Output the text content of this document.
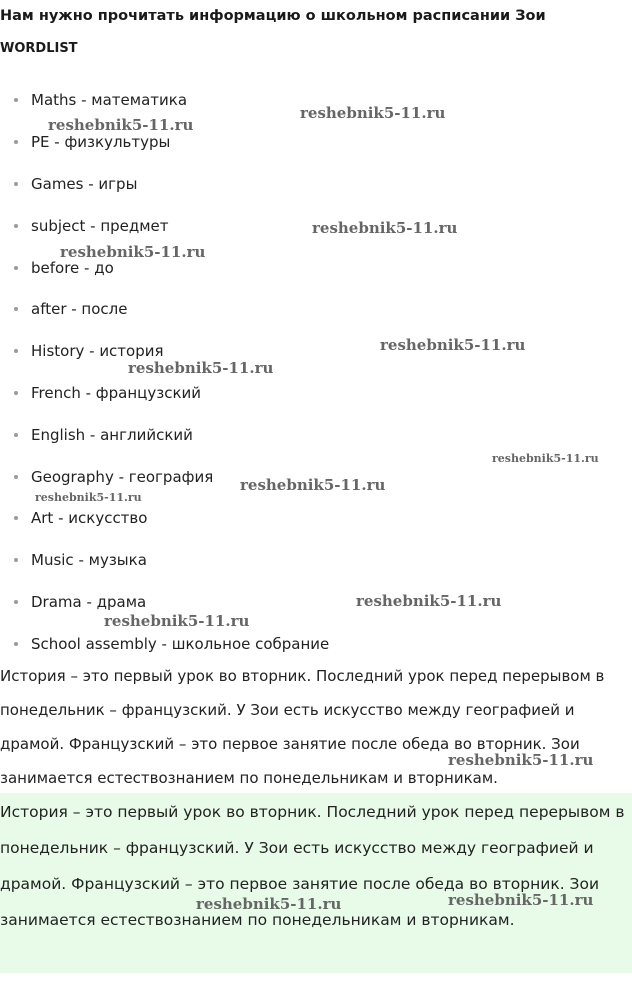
Нам нужно прочитать информацию о школьном расписании Зои
WORDLIST
Maths - математика
PE - физкультуры
Games - игры
subject - предмет
before - до
after - после
History - история
French - французский
English - английский
Geography - география
Art - искусство
Music - музыка
Drama - драма
School assembly - школьное собрание
История – это первый урок во вторник. Последний урок перед перерывом в понедельник – французский. У Зои есть искусство между географией и драмой. Французский – это первое занятие после обеда во вторник. Зои занимается естествознанием по понедельникам и вторникам.
История – это первый урок во вторник. Последний урок перед перерывом в понедельник – французский. У Зои есть искусство между географией и драмой. Французский – это первое занятие после обеда во вторник. Зои занимается естествознанием по понедельникам и вторникам.
reshebnik5-11.ru
reshebnik5-11.ru
reshebnik5-11.ru
reshebnik5-11.ru
reshebnik5-11.ru
reshebnik5-11.ru
reshebnik5-11.ru
reshebnik5-11.ru
reshebnik5-11.ru
reshebnik5-11.ru
reshebnik5-11.ru
reshebnik5-11.ru
reshebnik5-11.ru	reshebnik5-11.ru
